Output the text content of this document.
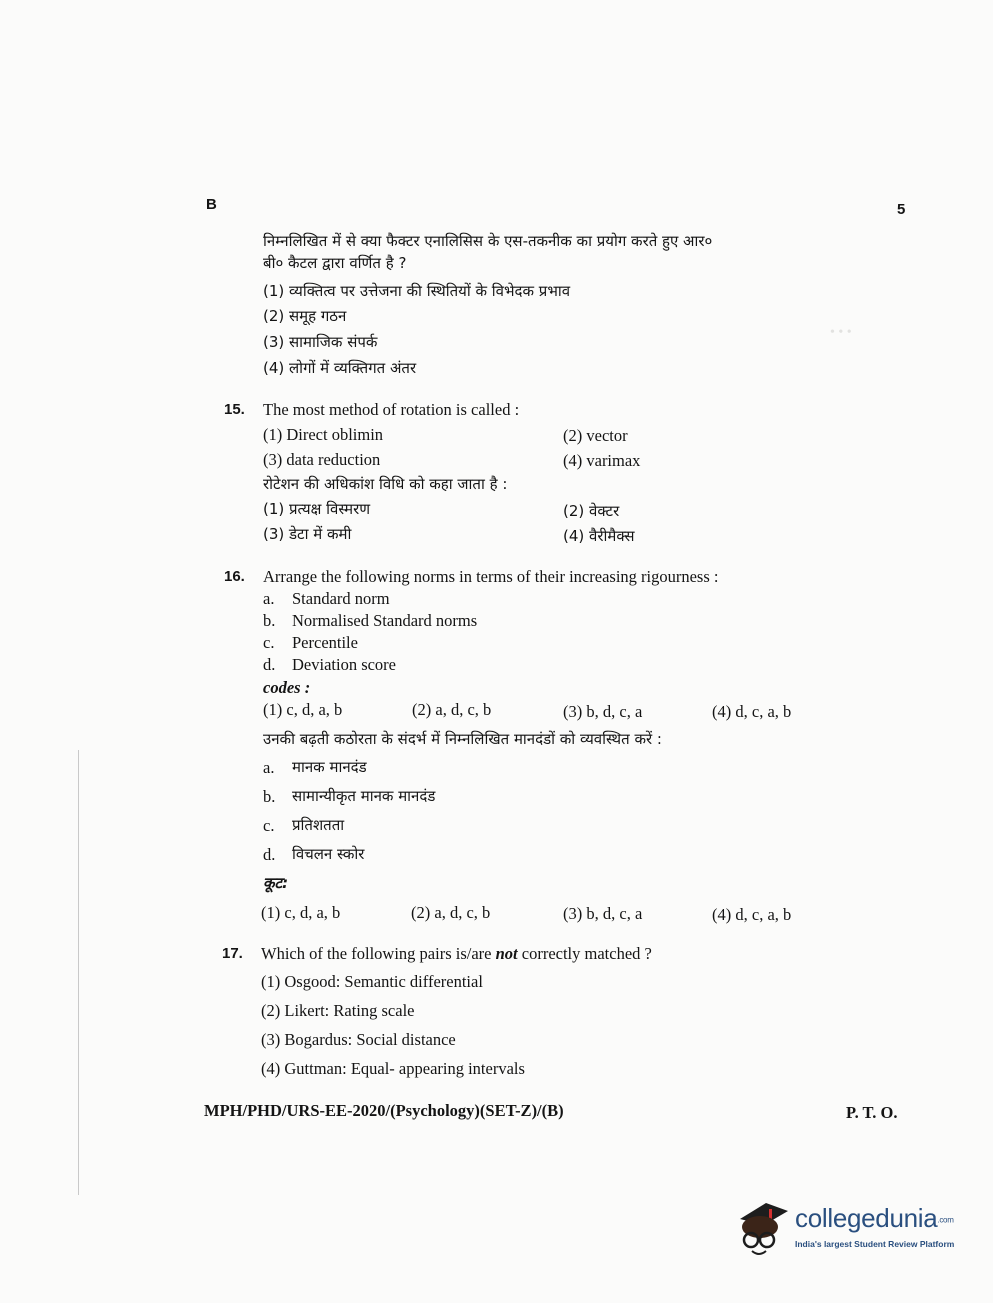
• • •
B	5
निम्नलिखित में से क्या फैक्टर एनालिसिस के एस-तकनीक का प्रयोग करते हुए आर०
बी० कैटल द्वारा वर्णित है ?
(1) व्यक्तित्व पर उत्तेजना की स्थितियों के विभेदक प्रभाव
(2) समूह गठन
(3) सामाजिक संपर्क
(4) लोगों में व्यक्तिगत अंतर
15. The most method of rotation is called :
(1) Direct oblimin	(2) vector
(3) data reduction	(4) varimax
रोटेशन की अधिकांश विधि को कहा जाता है :
(1) प्रत्यक्ष विस्मरण	(2) वेक्टर
(3) डेटा में कमी	(4) वैरीमैक्स
16. Arrange the following norms in terms of their increasing rigourness :
a. Standard norm
b. Normalised Standard norms
c. Percentile
d. Deviation score
codes :
(1) c, d, a, b	(2) a, d, c, b	(3) b, d, c, a	(4) d, c, a, b
उनकी बढ़ती कठोरता के संदर्भ में निम्नलिखित मानदंडों को व्यवस्थित करें :
a. मानक मानदंड
b. सामान्यीकृत मानक मानदंड
c. प्रतिशतता
d. विचलन स्कोर
कूट:
(1) c, d, a, b	(2) a, d, c, b	(3) b, d, c, a	(4) d, c, a, b
17. Which of the following pairs is/are not correctly matched ?
(1) Osgood: Semantic differential
(2) Likert: Rating scale
(3) Bogardus: Social distance
(4) Guttman: Equal- appearing intervals
MPH/PHD/URS-EE-2020/(Psychology)(SET-Z)/(B)	P. T. O.
collegedunia.com
India's largest Student Review Platform
